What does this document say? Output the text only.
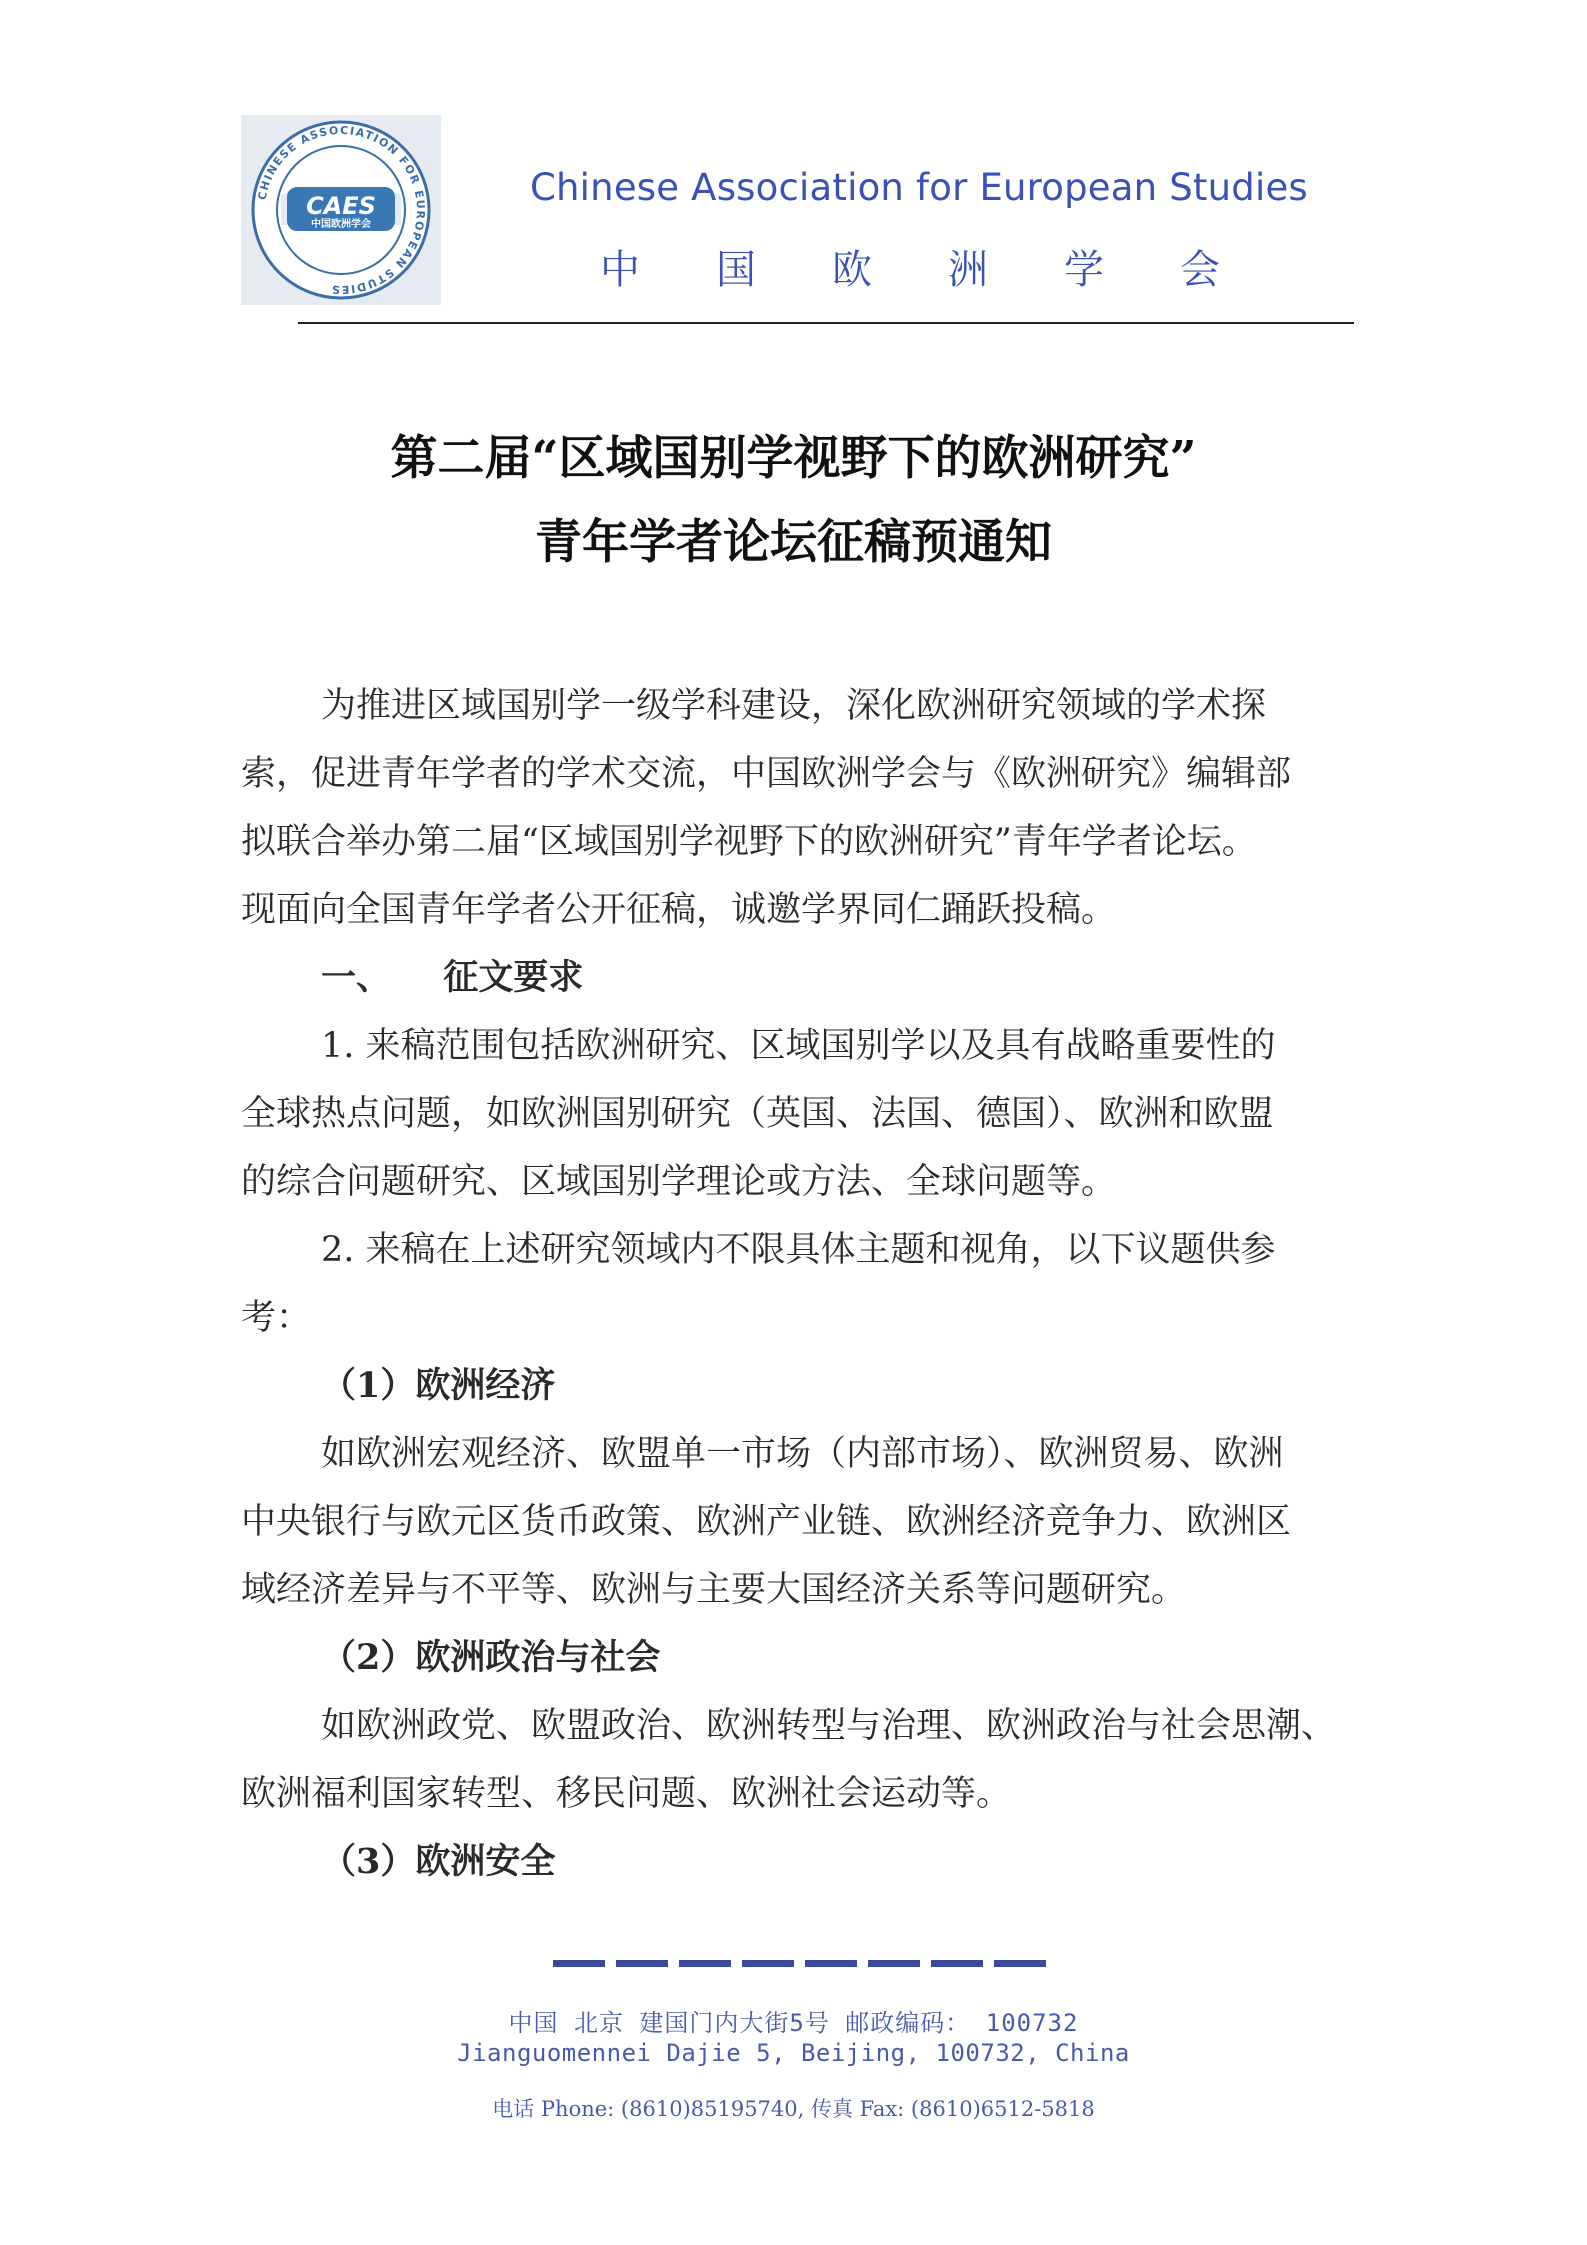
CHINESE ASSOCIATION FOR EUROPEAN STUDIES
CAES
中国欧洲学会
Chinese Association for European Studies
中 国 欧 洲 学 会
第二届“区域国别学视野下的欧洲研究”
青年学者论坛征稿预通知

为推进区域国别学一级学科建设，深化欧洲研究领域的学术探

索，促进青年学者的学术交流，中国欧洲学会与《欧洲研究》编辑部

拟联合举办第二届“区域国别学视野下的欧洲研究”青年学者论坛。

现面向全国青年学者公开征稿，诚邀学界同仁踊跃投稿。

一、 征文要求

1. 来稿范围包括欧洲研究、区域国别学以及具有战略重要性的

全球热点问题，如欧洲国别研究（英国、法国、德国）、欧洲和欧盟

的综合问题研究、区域国别学理论或方法、全球问题等。

2. 来稿在上述研究领域内不限具体主题和视角，以下议题供参

考：

（1）欧洲经济

如欧洲宏观经济、欧盟单一市场（内部市场）、欧洲贸易、欧洲

中央银行与欧元区货币政策、欧洲产业链、欧洲经济竞争力、欧洲区

域经济差异与不平等、欧洲与主要大国经济关系等问题研究。

（2）欧洲政治与社会

如欧洲政党、欧盟政治、欧洲转型与治理、欧洲政治与社会思潮、

欧洲福利国家转型、移民问题、欧洲社会运动等。

（3）欧洲安全

中国 北京 建国门内大街5号 邮政编码： 100732
Jianguomennei Dajie 5, Beijing, 100732, China
电话 Phone: (8610)85195740, 传真 Fax: (8610)6512-5818
